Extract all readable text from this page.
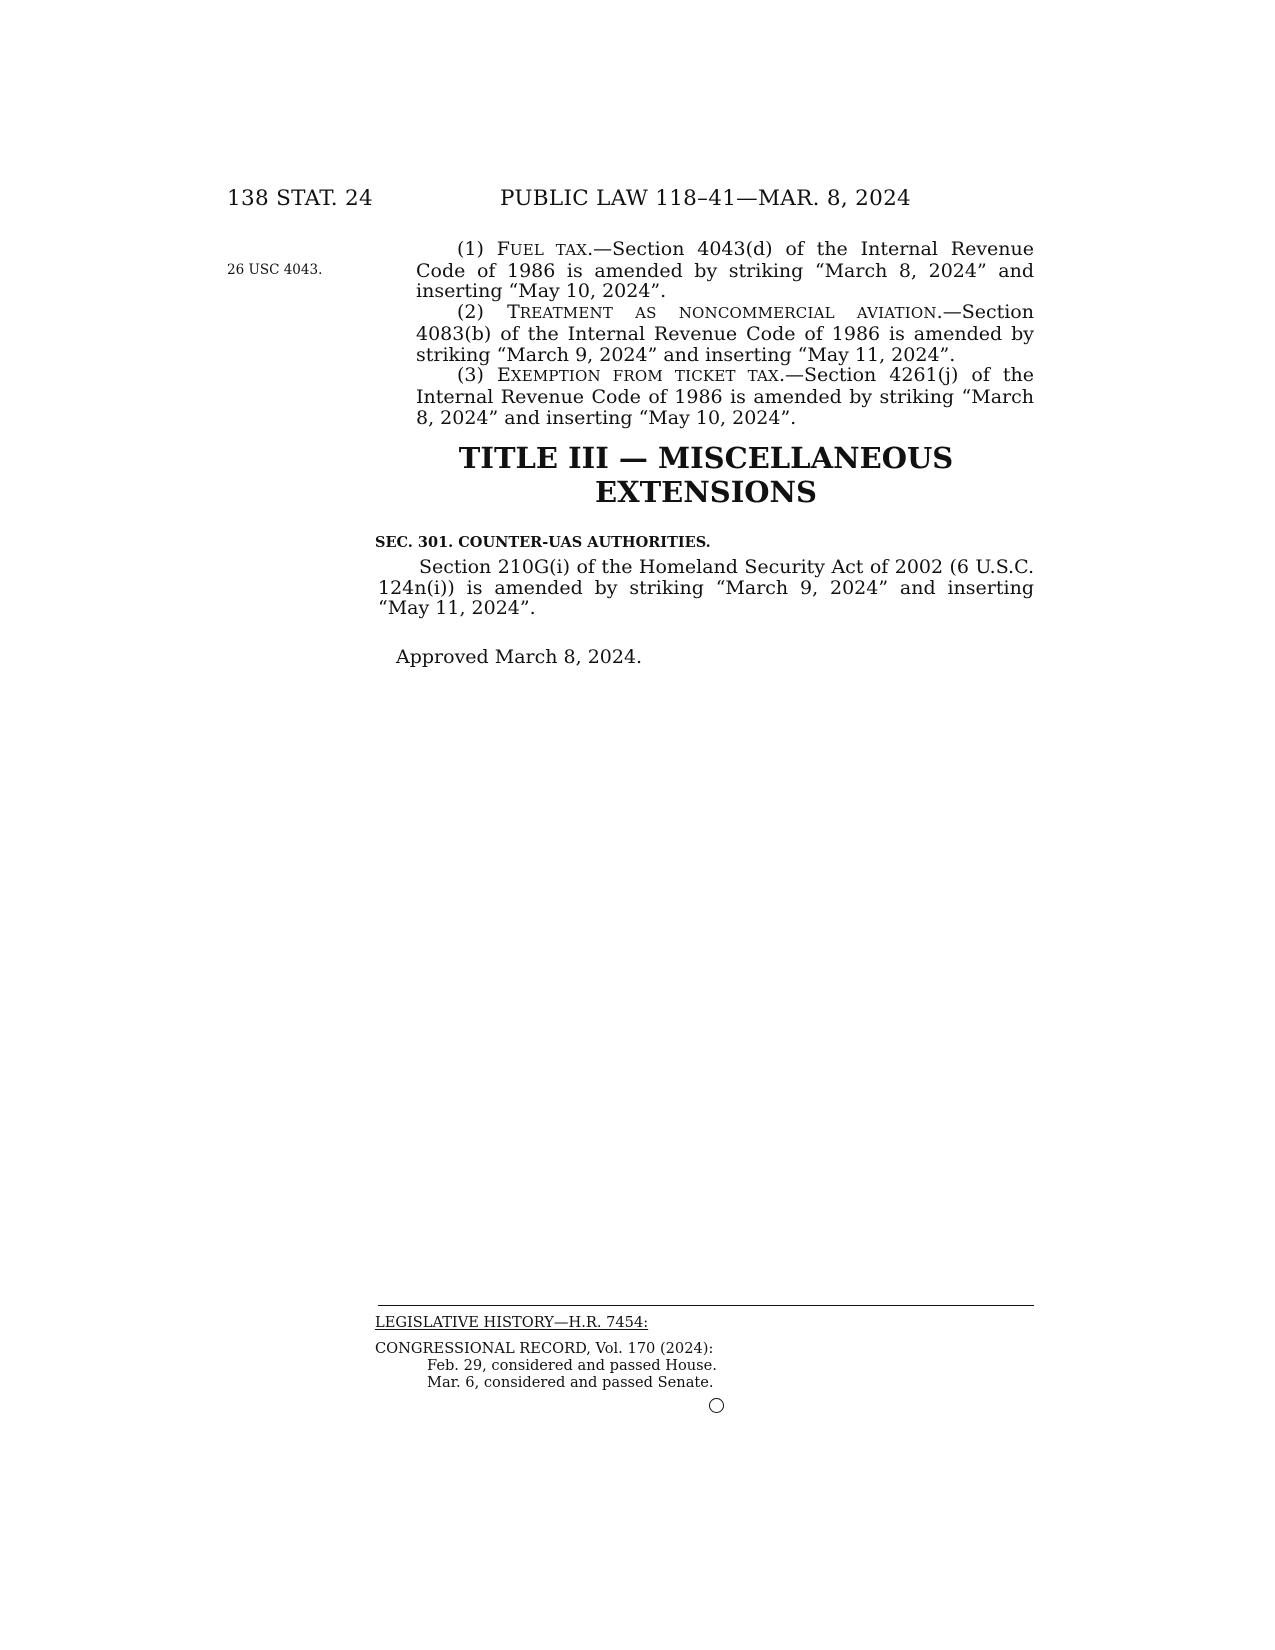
138 STAT. 24	PUBLIC LAW 118–41—MAR. 8, 2024
26 USC 4043.

(1) FUEL TAX.—Section 4043(d) of the Internal Revenue Code of 1986 is amended by striking “March 8, 2024” and inserting “May 10, 2024”.

(2) TREATMENT AS NONCOMMERCIAL AVIATION.—Section 4083(b) of the Internal Revenue Code of 1986 is amended by striking “March 9, 2024” and inserting “May 11, 2024”.

(3) EXEMPTION FROM TICKET TAX.—Section 4261(j) of the Internal Revenue Code of 1986 is amended by striking “March 8, 2024” and inserting “May 10, 2024”.

TITLE III — MISCELLANEOUS
EXTENSIONS
SEC. 301. COUNTER-UAS AUTHORITIES.

Section 210G(i) of the Homeland Security Act of 2002 (6 U.S.C. 124n(i)) is amended by striking “March 9, 2024” and inserting “May 11, 2024”.

Approved March 8, 2024.
LEGISLATIVE HISTORY—H.R. 7454:
CONGRESSIONAL RECORD, Vol. 170 (2024):
Feb. 29, considered and passed House.
Mar. 6, considered and passed Senate.
